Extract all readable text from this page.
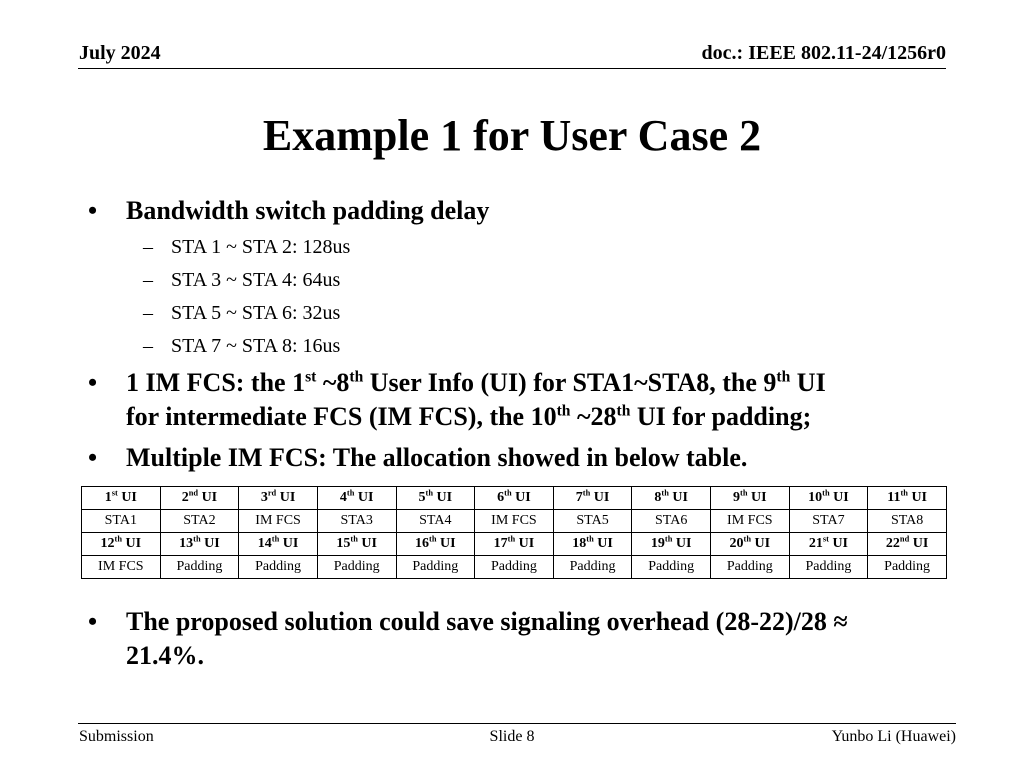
July 2024	doc.: IEEE 802.11-24/1256r0
Example 1 for User Case 2
• Bandwidth switch padding delay
– STA 1 ~ STA 2: 128us
– STA 3 ~ STA 4: 64us
– STA 5 ~ STA 6: 32us
– STA 7 ~ STA 8: 16us
• 1 IM FCS: the 1st ~8th User Info (UI) for STA1~STA8, the 9th UI
for intermediate FCS (IM FCS), the 10th ~28th UI for padding;
• Multiple IM FCS: The allocation showed in below table.
1st UI	2nd UI	3rd UI	4th UI	5th UI	6th UI	7th UI	8th UI	9th UI	10th UI	11th UI
STA1	STA2	IM FCS	STA3	STA4	IM FCS	STA5	STA6	IM FCS	STA7	STA8
12th UI	13th UI	14th UI	15th UI	16th UI	17th UI	18th UI	19th UI	20th UI	21st UI	22nd UI
IM FCS	Padding	Padding	Padding	Padding	Padding	Padding	Padding	Padding	Padding	Padding
• The proposed solution could save signaling overhead (28-22)/28 ≈
21.4%.
Submission	Slide 8	Yunbo Li (Huawei)
